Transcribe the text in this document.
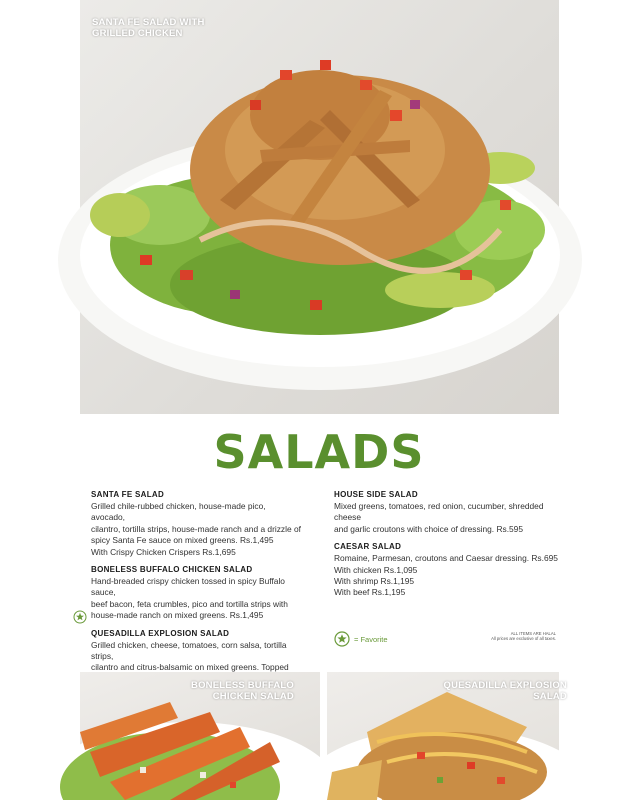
SANTA FE SALAD WITH GRILLED CHICKEN
SALADS
SANTA FE SALAD
Grilled chile-rubbed chicken, house-made pico, avocado,
cilantro, tortilla strips, house-made ranch and a drizzle of
spicy Santa Fe sauce on mixed greens. Rs.1,495
With Crispy Chicken Crispers Rs.1,695
BONELESS BUFFALO CHICKEN SALAD
Hand-breaded crispy chicken tossed in spicy Buffalo sauce,
beef bacon, feta crumbles, pico and tortilla strips with
house-made ranch on mixed greens. Rs.1,495
QUESADILLA EXPLOSION SALAD
Grilled chicken, cheese, tomatoes, corn salsa, tortilla strips,
cilantro and citrus-balsamic on mixed greens. Topped
HOUSE SIDE SALAD
Mixed greens, tomatoes, red onion, cucumber, shredded cheese
and garlic croutons with choice of dressing. Rs.595
CAESAR SALAD
Romaine, Parmesan, croutons and Caesar dressing. Rs.695
With chicken Rs.1,095
With shrimp Rs.1,195
With beef Rs.1,195
= Favorite
ALL ITEMS ARE HALAL
All prices are exclusive of all taxes.
BONELESS BUFFALO CHICKEN SALAD
QUESADILLA EXPLOSION SALAD
